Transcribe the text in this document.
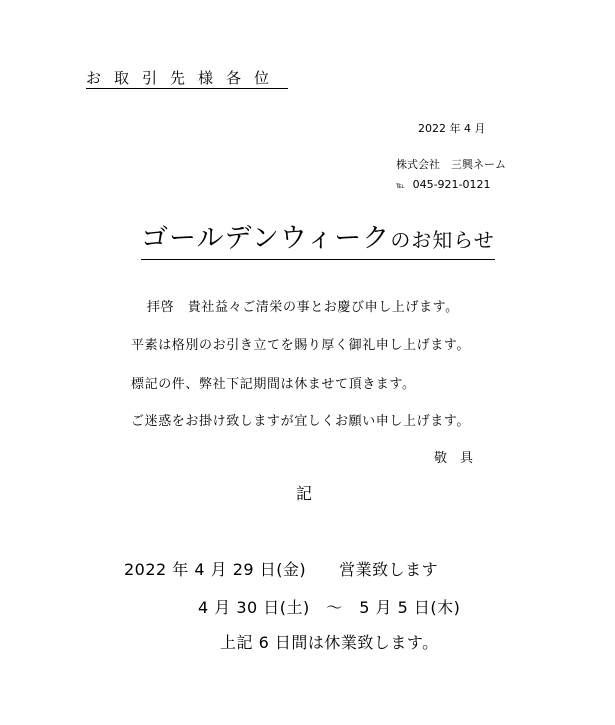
お取引先様各位
2022 年 4 月
株式会社　三興ネーム
℡ 045-921-0121
ゴールデンウィークのお知らせ
拝啓　貴社益々ご清栄の事とお慶び申し上げます。
平素は格別のお引き立てを賜り厚く御礼申し上げます。
標記の件、弊社下記期間は休ませて頂きます。
ご迷惑をお掛け致しますが宜しくお願い申し上げます。
敬具
記
2022 年 4 月 29 日(金)　　営業致します
4 月 30 日(土)　～　5 月 5 日(木)
上記 6 日間は休業致します。
